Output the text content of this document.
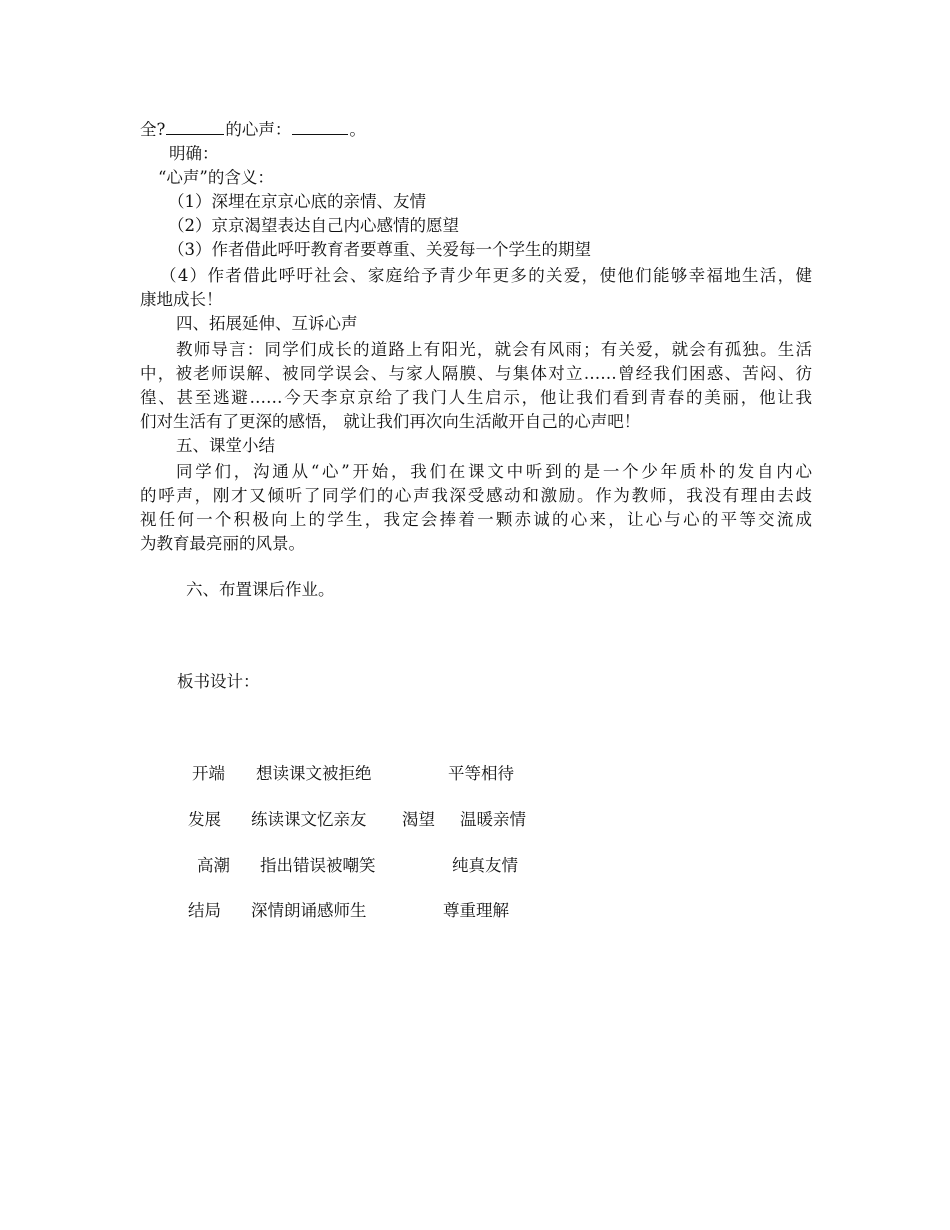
全?	的心声：	。
明确：
“心声”的含义：
（1）深埋在京京心底的亲情、友情
（2）京京渴望表达自己内心感情的愿望
（3）作者借此呼吁教育者要尊重、关爱每一个学生的期望
（4）作者借此呼吁社会、家庭给予青少年更多的关爱，使他们能够幸福地生活，健
康地成长！
四、拓展延伸、互诉心声
教师导言：同学们成长的道路上有阳光，就会有风雨；有关爱，就会有孤独。生活
中，被老师误解、被同学误会、与家人隔膜、与集体对立……曾经我们困惑、苦闷、彷
徨、甚至逃避……今天李京京给了我门人生启示，他让我们看到青春的美丽，他让我
们对生活有了更深的感悟， 就让我们再次向生活敞开自己的心声吧！
五、课堂小结
同学们，沟通从“心”开始，我们在课文中听到的是一个少年质朴的发自内心
的呼声，刚才又倾听了同学们的心声我深受感动和激励。作为教师，我没有理由去歧
视任何一个积极向上的学生，我定会捧着一颗赤诚的心来，让心与心的平等交流成
为教育最亮丽的风景。
六、布置课后作业。
板书设计：
开端 想读课文被拒绝	平等相待
发展 练读课文忆亲友 渴望 温暖亲情
高潮 指出错误被嘲笑	纯真友情
结局 深情朗诵感师生	尊重理解
